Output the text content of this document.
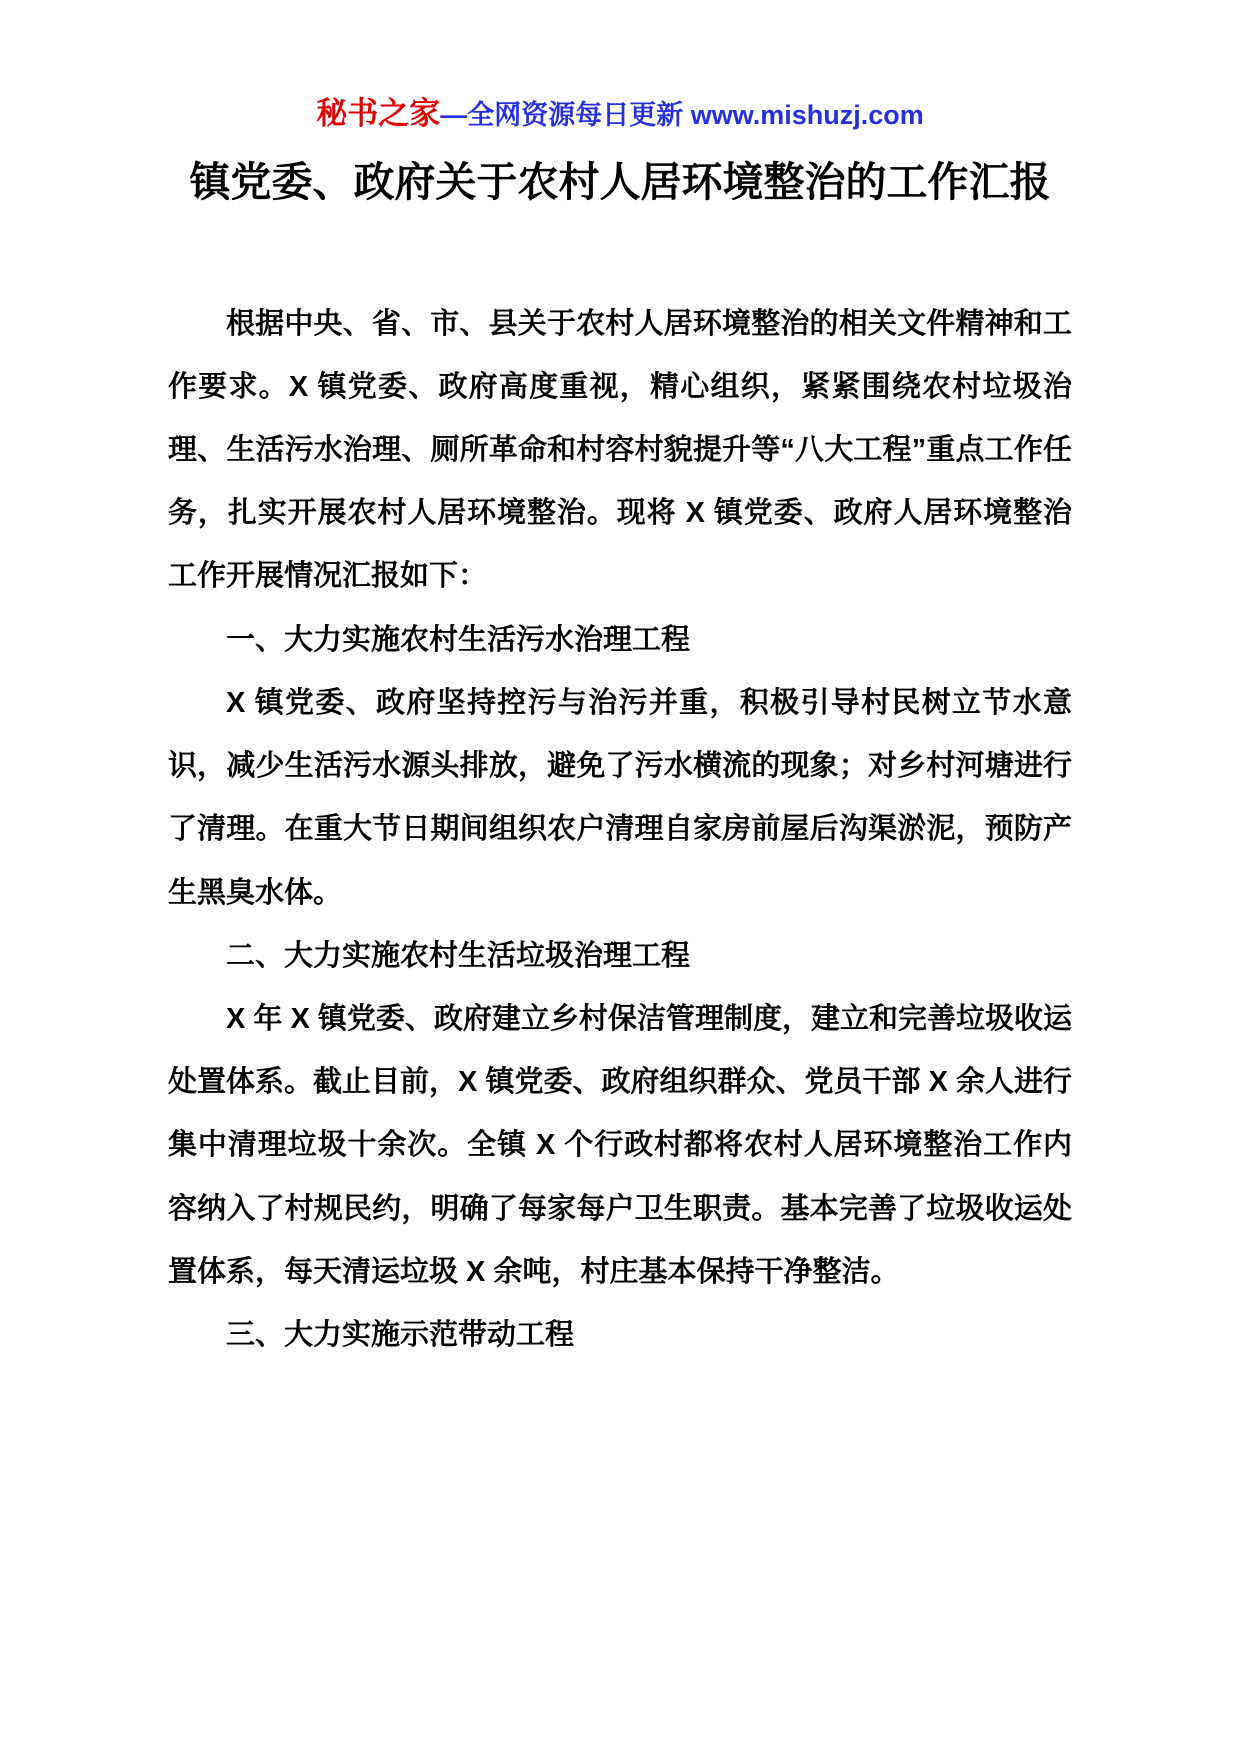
秘书之家—全网资源每日更新 www.mishuzj.com
镇党委、政府关于农村人居环境整治的工作汇报

根据中央、省、市、县关于农村人居环境整治的相关文件精神和工作要求。X 镇党委、政府高度重视，精心组织，紧紧围绕农村垃圾治理、生活污水治理、厕所革命和村容村貌提升等“八大工程”重点工作任务，扎实开展农村人居环境整治。现将 X 镇党委、政府人居环境整治工作开展情况汇报如下：

一、大力实施农村生活污水治理工程

X 镇党委、政府坚持控污与治污并重，积极引导村民树立节水意识，减少生活污水源头排放，避免了污水横流的现象；对乡村河塘进行了清理。在重大节日期间组织农户清理自家房前屋后沟渠淤泥，预防产生黑臭水体。

二、大力实施农村生活垃圾治理工程

X 年 X 镇党委、政府建立乡村保洁管理制度，建立和完善垃圾收运处置体系。截止目前，X 镇党委、政府组织群众、党员干部 X 余人进行集中清理垃圾十余次。全镇 X 个行政村都将农村人居环境整治工作内容纳入了村规民约，明确了每家每户卫生职责。基本完善了垃圾收运处置体系，每天清运垃圾 X 余吨，村庄基本保持干净整洁。

三、大力实施示范带动工程
